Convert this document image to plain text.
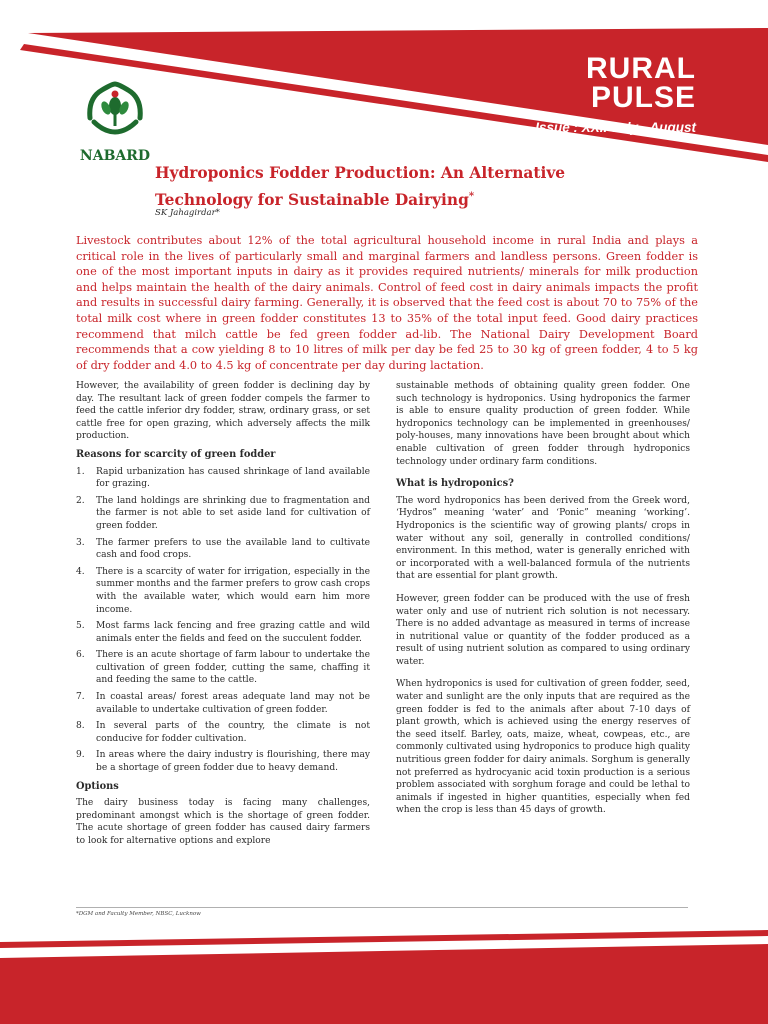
NABARD
RURAL
PULSE
Issue : XXII July - August
Hydroponics Fodder Production: An Alternative
Technology for Sustainable Dairying*
SK Jahagirdar*

Livestock contributes about 12% of the total agricultural household income in rural India and plays a critical role in the lives of particularly small and marginal farmers and landless persons. Green fodder is one of the most important inputs in dairy as it provides required nutrients/ minerals for milk production and helps maintain the health of the dairy animals. Control of feed cost in dairy animals impacts the profit and results in successful dairy farming. Generally, it is observed that the feed cost is about 70 to 75% of the total milk cost where in green fodder constitutes 13 to 35% of the total input feed. Good dairy practices recommend that milch cattle be fed green fodder ad-lib. The National Dairy Development Board recommends that a cow yielding 8 to 10 litres of milk per day be fed 25 to 30 kg of green fodder, 4 to 5 kg of dry fodder and 4.0 to 4.5 kg of concentrate per day during lactation.

However, the availability of green fodder is declining day by day. The resultant lack of green fodder compels the farmer to feed the cattle inferior dry fodder, straw, ordinary grass, or set cattle free for open grazing, which adversely affects the milk production.

Reasons for scarcity of green fodder
1. Rapid urbanization has caused shrinkage of land available for grazing.
2. The land holdings are shrinking due to fragmentation and the farmer is not able to set aside land for cultivation of green fodder.
3. The farmer prefers to use the available land to cultivate cash and food crops.
4. There is a scarcity of water for irrigation, especially in the summer months and the farmer prefers to grow cash crops with the available water, which would earn him more income.
5. Most farms lack fencing and free grazing cattle and wild animals enter the fields and feed on the succulent fodder.
6. There is an acute shortage of farm labour to undertake the cultivation of green fodder, cutting the same, chaffing it and feeding the same to the cattle.
7. In coastal areas/ forest areas adequate land may not be available to undertake cultivation of green fodder.
8. In several parts of the country, the climate is not conducive for fodder cultivation.
9. In areas where the dairy industry is flourishing, there may be a shortage of green fodder due to heavy demand.
Options

The dairy business today is facing many challenges, predominant amongst which is the shortage of green fodder. The acute shortage of green fodder has caused dairy farmers to look for alternative options and explore

sustainable methods of obtaining quality green fodder. One such technology is hydroponics. Using hydroponics the farmer is able to ensure quality production of green fodder. While hydroponics technology can be implemented in greenhouses/ poly-houses, many innovations have been brought about which enable cultivation of green fodder through hydroponics technology under ordinary farm conditions.

What is hydroponics?

The word hydroponics has been derived from the Greek word, ‘Hydros” meaning ‘water’ and ‘Ponic” meaning ‘working’. Hydroponics is the scientific way of growing plants/ crops in water without any soil, generally in controlled conditions/ environment. In this method, water is generally enriched with or incorporated with a well-balanced formula of the nutrients that are essential for plant growth.

However, green fodder can be produced with the use of fresh water only and use of nutrient rich solution is not necessary. There is no added advantage as measured in terms of increase in nutritional value or quantity of the fodder produced as a result of using nutrient solution as compared to using ordinary water.

When hydroponics is used for cultivation of green fodder, seed, water and sunlight are the only inputs that are required as the green fodder is fed to the animals after about 7-10 days of plant growth, which is achieved using the energy reserves of the seed itself. Barley, oats, maize, wheat, cowpeas, etc., are commonly cultivated using hydroponics to produce high quality nutritious green fodder for dairy animals. Sorghum is generally not preferred as hydrocyanic acid toxin production is a serious problem associated with sorghum forage and could be lethal to animals if ingested in higher quantities, especially when fed when the crop is less than 45 days of growth.

*DGM and Faculty Member, NBSC, Lucknow
